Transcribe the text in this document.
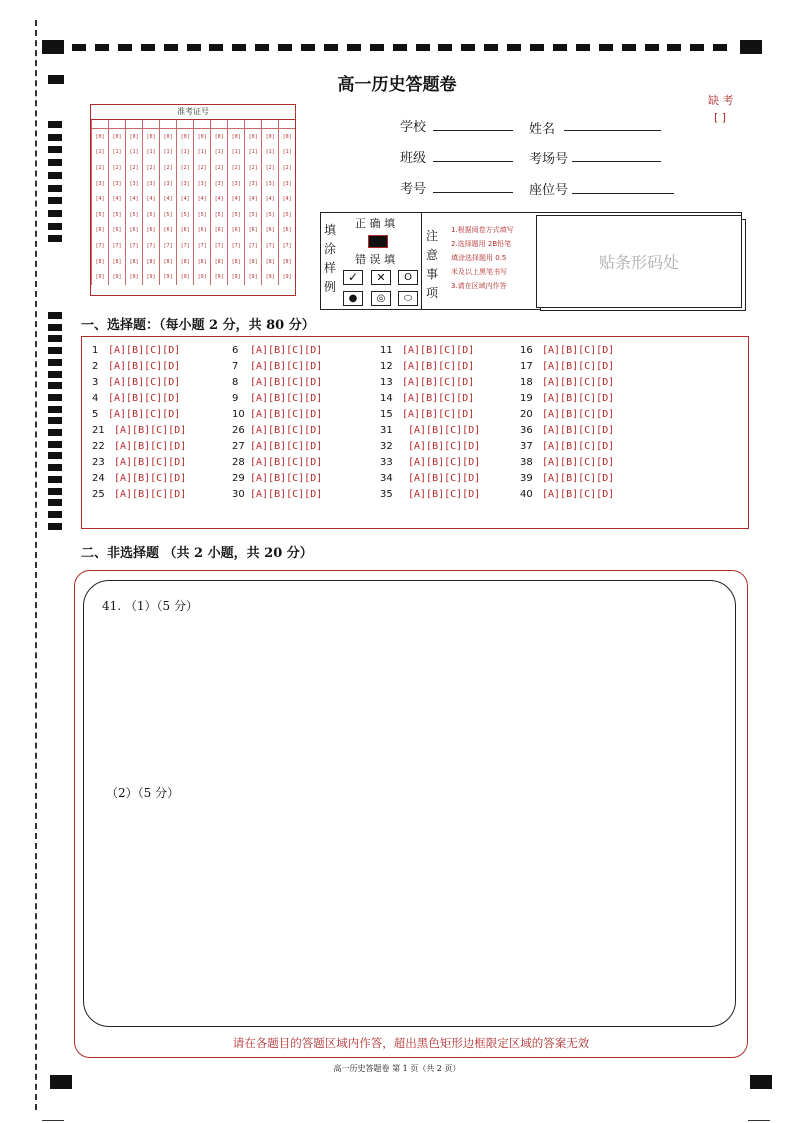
高一历史答题卷
缺 考
[ ]
准考证号

[0]	[0]	[0]	[0]	[0]	[0]	[0]	[0]	[0]	[0]	[0]	[0]
[1]	[1]	[1]	[1]	[1]	[1]	[1]	[1]	[1]	[1]	[1]	[1]
[2]	[2]	[2]	[2]	[2]	[2]	[2]	[2]	[2]	[2]	[2]	[2]
[3]	[3]	[3]	[3]	[3]	[3]	[3]	[3]	[3]	[3]	[3]	[3]
[4]	[4]	[4]	[4]	[4]	[4]	[4]	[4]	[4]	[4]	[4]	[4]
[5]	[5]	[5]	[5]	[5]	[5]	[5]	[5]	[5]	[5]	[5]	[5]
[6]	[6]	[6]	[6]	[6]	[6]	[6]	[6]	[6]	[6]	[6]	[6]
[7]	[7]	[7]	[7]	[7]	[7]	[7]	[7]	[7]	[7]	[7]	[7]
[8]	[8]	[8]	[8]	[8]	[8]	[8]	[8]	[8]	[8]	[8]	[8]
[9]	[9]	[9]	[9]	[9]	[9]	[9]	[9]	[9]	[9]	[9]	[9]
学校	姓名
班级	考场号
考号	座位号
填
涂
样
例
正 确 填
错 误 填
✓	✕	O
●	◎	⬭
注
意
事
项
1.根据阅卷方式填写
2.选择题用 2B铅笔
填涂选择题用 0.5
米及以上黑笔书写
3.请在区域内作答
贴条形码处
一、选择题：（每小题 2 分，共 80 分）
1 [A][B][C][D]
2 [A][B][C][D]
3 [A][B][C][D]
4 [A][B][C][D]
5 [A][B][C][D]
6 [A][B][C][D]
7 [A][B][C][D]
8 [A][B][C][D]
9 [A][B][C][D]
10 [A][B][C][D]
11 [A][B][C][D]
12 [A][B][C][D]
13 [A][B][C][D]
14 [A][B][C][D]
15 [A][B][C][D]
16 [A][B][C][D]
17 [A][B][C][D]
18 [A][B][C][D]
19 [A][B][C][D]
20 [A][B][C][D]
21 [A][B][C][D]
22 [A][B][C][D]
23 [A][B][C][D]
24 [A][B][C][D]
25 [A][B][C][D]
26 [A][B][C][D]
27 [A][B][C][D]
28 [A][B][C][D]
29 [A][B][C][D]
30 [A][B][C][D]
31 [A][B][C][D]
32 [A][B][C][D]
33 [A][B][C][D]
34 [A][B][C][D]
35 [A][B][C][D]
36 [A][B][C][D]
37 [A][B][C][D]
38 [A][B][C][D]
39 [A][B][C][D]
40 [A][B][C][D]
二、非选择题 （共 2 小题，共 20 分）
41. （1）（5 分）
（2）（5 分）
请在各题目的答题区域内作答，超出黑色矩形边框限定区域的答案无效
高一历史答题卷 第 1 页（共 2 页）
